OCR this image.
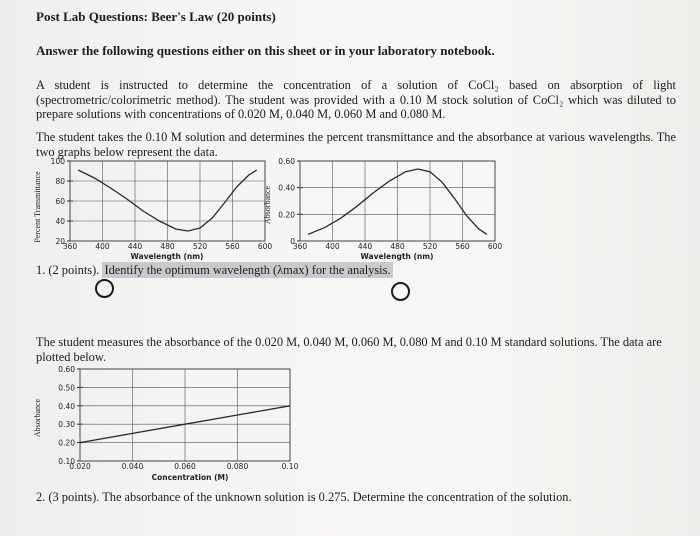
Post Lab Questions: Beer's Law (20 points)
Answer the following questions either on this sheet or in your laboratory notebook.
A student is instructed to determine the concentration of a solution of CoCl₂ based on absorption of light (spectrometric/colorimetric method). The student was provided with a 0.10 M stock solution of CoCl₂ which was diluted to prepare solutions with concentrations of 0.020 M, 0.040 M, 0.060 M and 0.080 M.
The student takes the 0.10 M solution and determines the percent transmittance and the absorbance at various wavelengths. The two graphs below represent the data.
Percent Transmittance
100
80
60
40
20
360 400 440 480 520 560 600
Wavelength (nm)
Absorbance
0.60
0.40
0.20
0
360 400 440 480 520 560 600
Wavelength (nm)
1. (2 points). Identify the optimum wavelength (λmax) for the analysis.
The student measures the absorbance of the 0.020 M, 0.040 M, 0.060 M, 0.080 M and 0.10 M standard solutions. The data are plotted below.
Absorbance
0.60
0.50
0.40
0.30
0.20
0.10
0.020	0.040	0.060	0.080	0.10
Concentration (M)
2. (3 points). The absorbance of the unknown solution is 0.275. Determine the concentration of the solution.
